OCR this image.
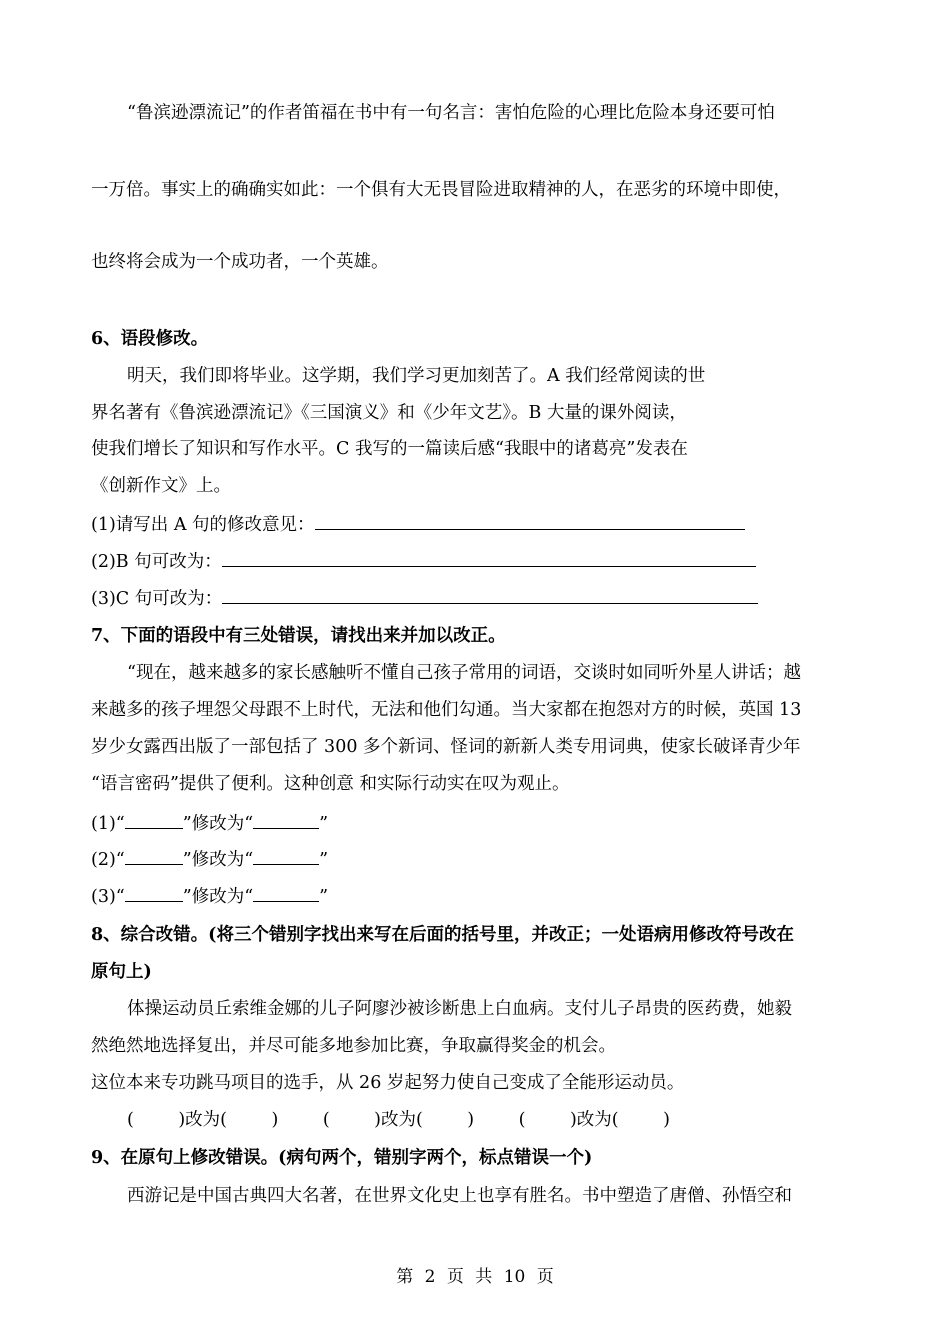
“鲁滨逊漂流记”的作者笛福在书中有一句名言：害怕危险的心理比危险本身还要可怕
一万倍。事实上的确确实如此：一个俱有大无畏冒险进取精神的人，在恶劣的环境中即使，
也终将会成为一个成功者，一个英雄。
6、语段修改。
明天，我们即将毕业。这学期，我们学习更加刻苦了。A 我们经常阅读的世
界名著有《鲁滨逊漂流记》《三国演义》和《少年文艺》。B 大量的课外阅读，
使我们增长了知识和写作水平。C 我写的一篇读后感“我眼中的诸葛亮”发表在
《创新作文》上。
(1)请写出 A 句的修改意见：
(2)B 句可改为：
(3)C 句可改为：
7、下面的语段中有三处错误，请找出来并加以改正。
“现在，越来越多的家长感触听不懂自己孩子常用的词语，交谈时如同听外星人讲话；越
来越多的孩子埋怨父母跟不上时代，无法和他们勾通。当大家都在抱怨对方的时候，英国 13
岁少女露西出版了一部包括了 300 多个新词、怪词的新新人类专用词典，使家长破译青少年
“语言密码”提供了便利。这种创意 和实际行动实在叹为观止。
(1)“	”修改为“	”
(2)“	”修改为“	”
(3)“	”修改为“	”
8、综合改错。(将三个错别字找出来写在后面的括号里，并改正；一处语病用修改符号改在
原句上)
体操运动员丘索维金娜的儿子阿廖沙被诊断患上白血病。支付儿子昂贵的医药费，她毅
然绝然地选择复出，并尽可能多地参加比赛，争取赢得奖金的机会。
这位本来专功跳马项目的选手，从 26 岁起努力使自己变成了全能形运动员。
(        )改为(        )        (        )改为(        )        (        )改为(        )
9、在原句上修改错误。(病句两个，错别字两个，标点错误一个)
西游记是中国古典四大名著，在世界文化史上也享有胜名。书中塑造了唐僧、孙悟空和
第 2 页 共 10 页
